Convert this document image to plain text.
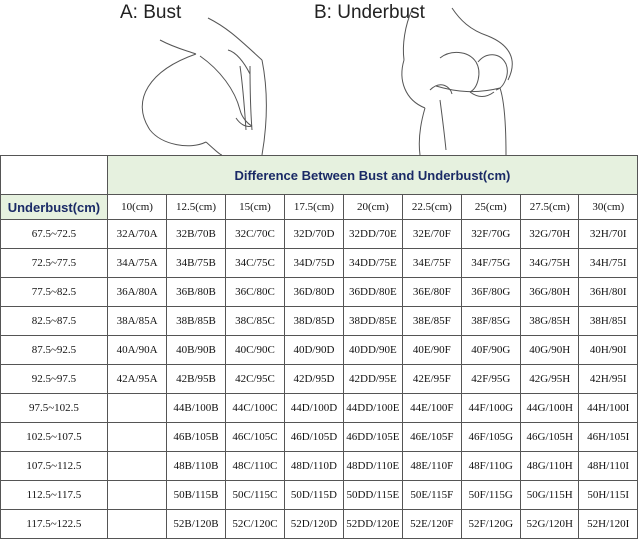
A: Bust	B: Underbust
	Difference Between Bust and Underbust(cm)								
Underbust(cm)	10(cm)	12.5(cm)	15(cm)	17.5(cm)	20(cm)	22.5(cm)	25(cm)	27.5(cm)	30(cm)
67.5~72.5	32A/70A	32B/70B	32C/70C	32D/70D	32DD/70E	32E/70F	32F/70G	32G/70H	32H/70I
72.5~77.5	34A/75A	34B/75B	34C/75C	34D/75D	34DD/75E	34E/75F	34F/75G	34G/75H	34H/75I
77.5~82.5	36A/80A	36B/80B	36C/80C	36D/80D	36DD/80E	36E/80F	36F/80G	36G/80H	36H/80I
82.5~87.5	38A/85A	38B/85B	38C/85C	38D/85D	38DD/85E	38E/85F	38F/85G	38G/85H	38H/85I
87.5~92.5	40A/90A	40B/90B	40C/90C	40D/90D	40DD/90E	40E/90F	40F/90G	40G/90H	40H/90I
92.5~97.5	42A/95A	42B/95B	42C/95C	42D/95D	42DD/95E	42E/95F	42F/95G	42G/95H	42H/95I
97.5~102.5		44B/100B	44C/100C	44D/100D	44DD/100E	44E/100F	44F/100G	44G/100H	44H/100I
102.5~107.5		46B/105B	46C/105C	46D/105D	46DD/105E	46E/105F	46F/105G	46G/105H	46H/105I
107.5~112.5		48B/110B	48C/110C	48D/110D	48DD/110E	48E/110F	48F/110G	48G/110H	48H/110I
112.5~117.5		50B/115B	50C/115C	50D/115D	50DD/115E	50E/115F	50F/115G	50G/115H	50H/115I
117.5~122.5		52B/120B	52C/120C	52D/120D	52DD/120E	52E/120F	52F/120G	52G/120H	52H/120I
